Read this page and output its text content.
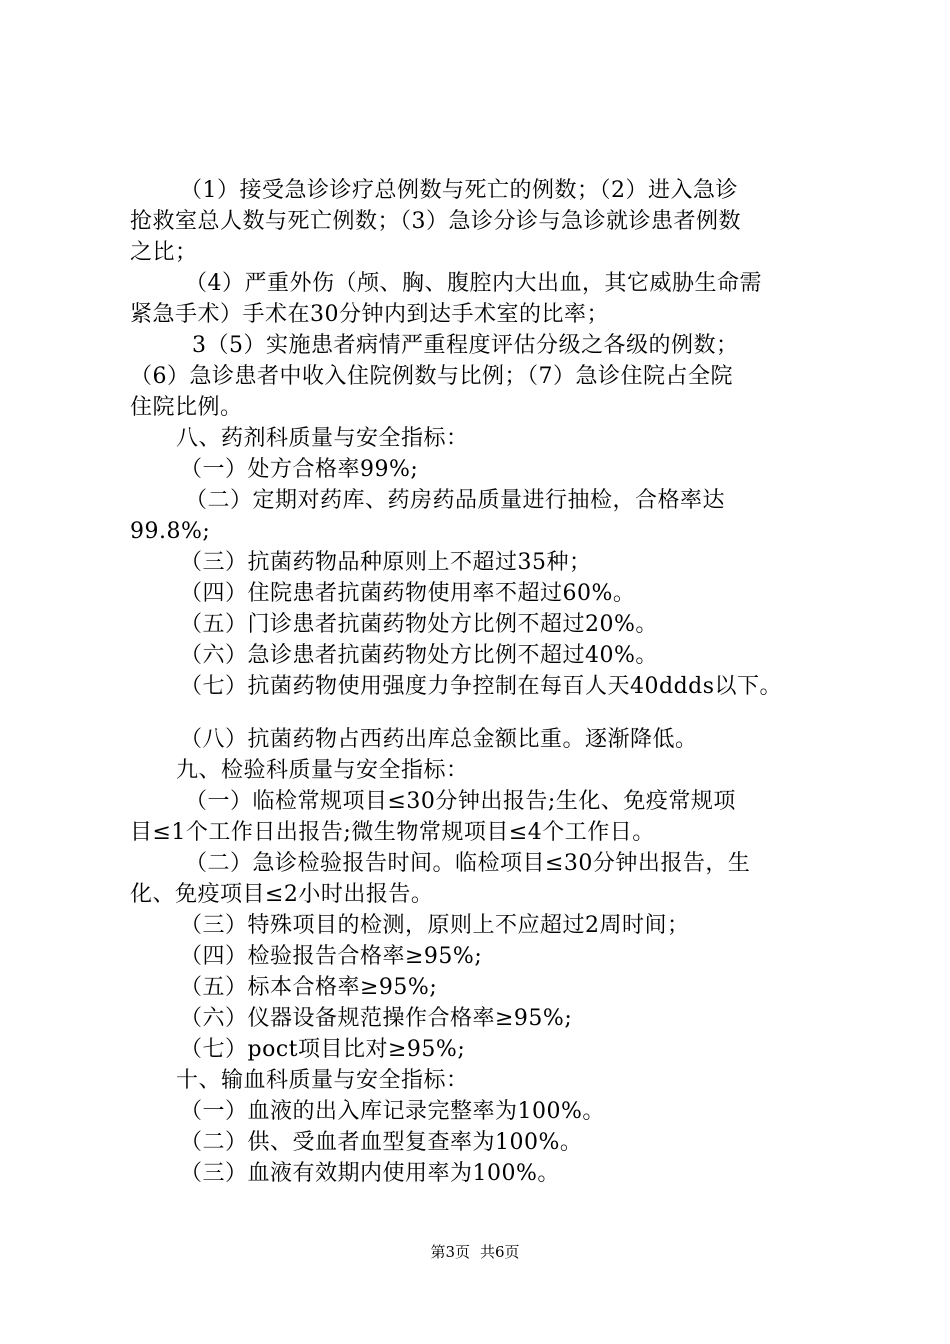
（1）接受急诊诊疗总例数与死亡的例数；（2）进入急诊
抢救室总人数与死亡例数；（3）急诊分诊与急诊就诊患者例数
之比；
（4）严重外伤（颅、胸、腹腔内大出血，其它威胁生命需
紧急手术）手术在30分钟内到达手术室的比率；
3（5）实施患者病情严重程度评估分级之各级的例数；
（6）急诊患者中收入住院例数与比例；（7）急诊住院占全院
住院比例。
八、药剂科质量与安全指标：
（一）处方合格率99%;
（二）定期对药库、药房药品质量进行抽检，合格率达
99.8%;
（三）抗菌药物品种原则上不超过35种；
（四）住院患者抗菌药物使用率不超过60%。
（五）门诊患者抗菌药物处方比例不超过20%。
（六）急诊患者抗菌药物处方比例不超过40%。
（七）抗菌药物使用强度力争控制在每百人天40ddds以下。
（八）抗菌药物占西药出库总金额比重。逐渐降低。
九、检验科质量与安全指标：
（一）临检常规项目≤30分钟出报告;生化、免疫常规项
目≤1个工作日出报告;微生物常规项目≤4个工作日。
（二）急诊检验报告时间。临检项目≤30分钟出报告，生
化、免疫项目≤2小时出报告。
（三）特殊项目的检测，原则上不应超过2周时间；
（四）检验报告合格率≥95%;
（五）标本合格率≥95%;
（六）仪器设备规范操作合格率≥95%;
（七）poct项目比对≥95%;
十、输血科质量与安全指标：
（一）血液的出入库记录完整率为100%。
（二）供、受血者血型复查率为100%。
（三）血液有效期内使用率为100%。
第3页 共6页
